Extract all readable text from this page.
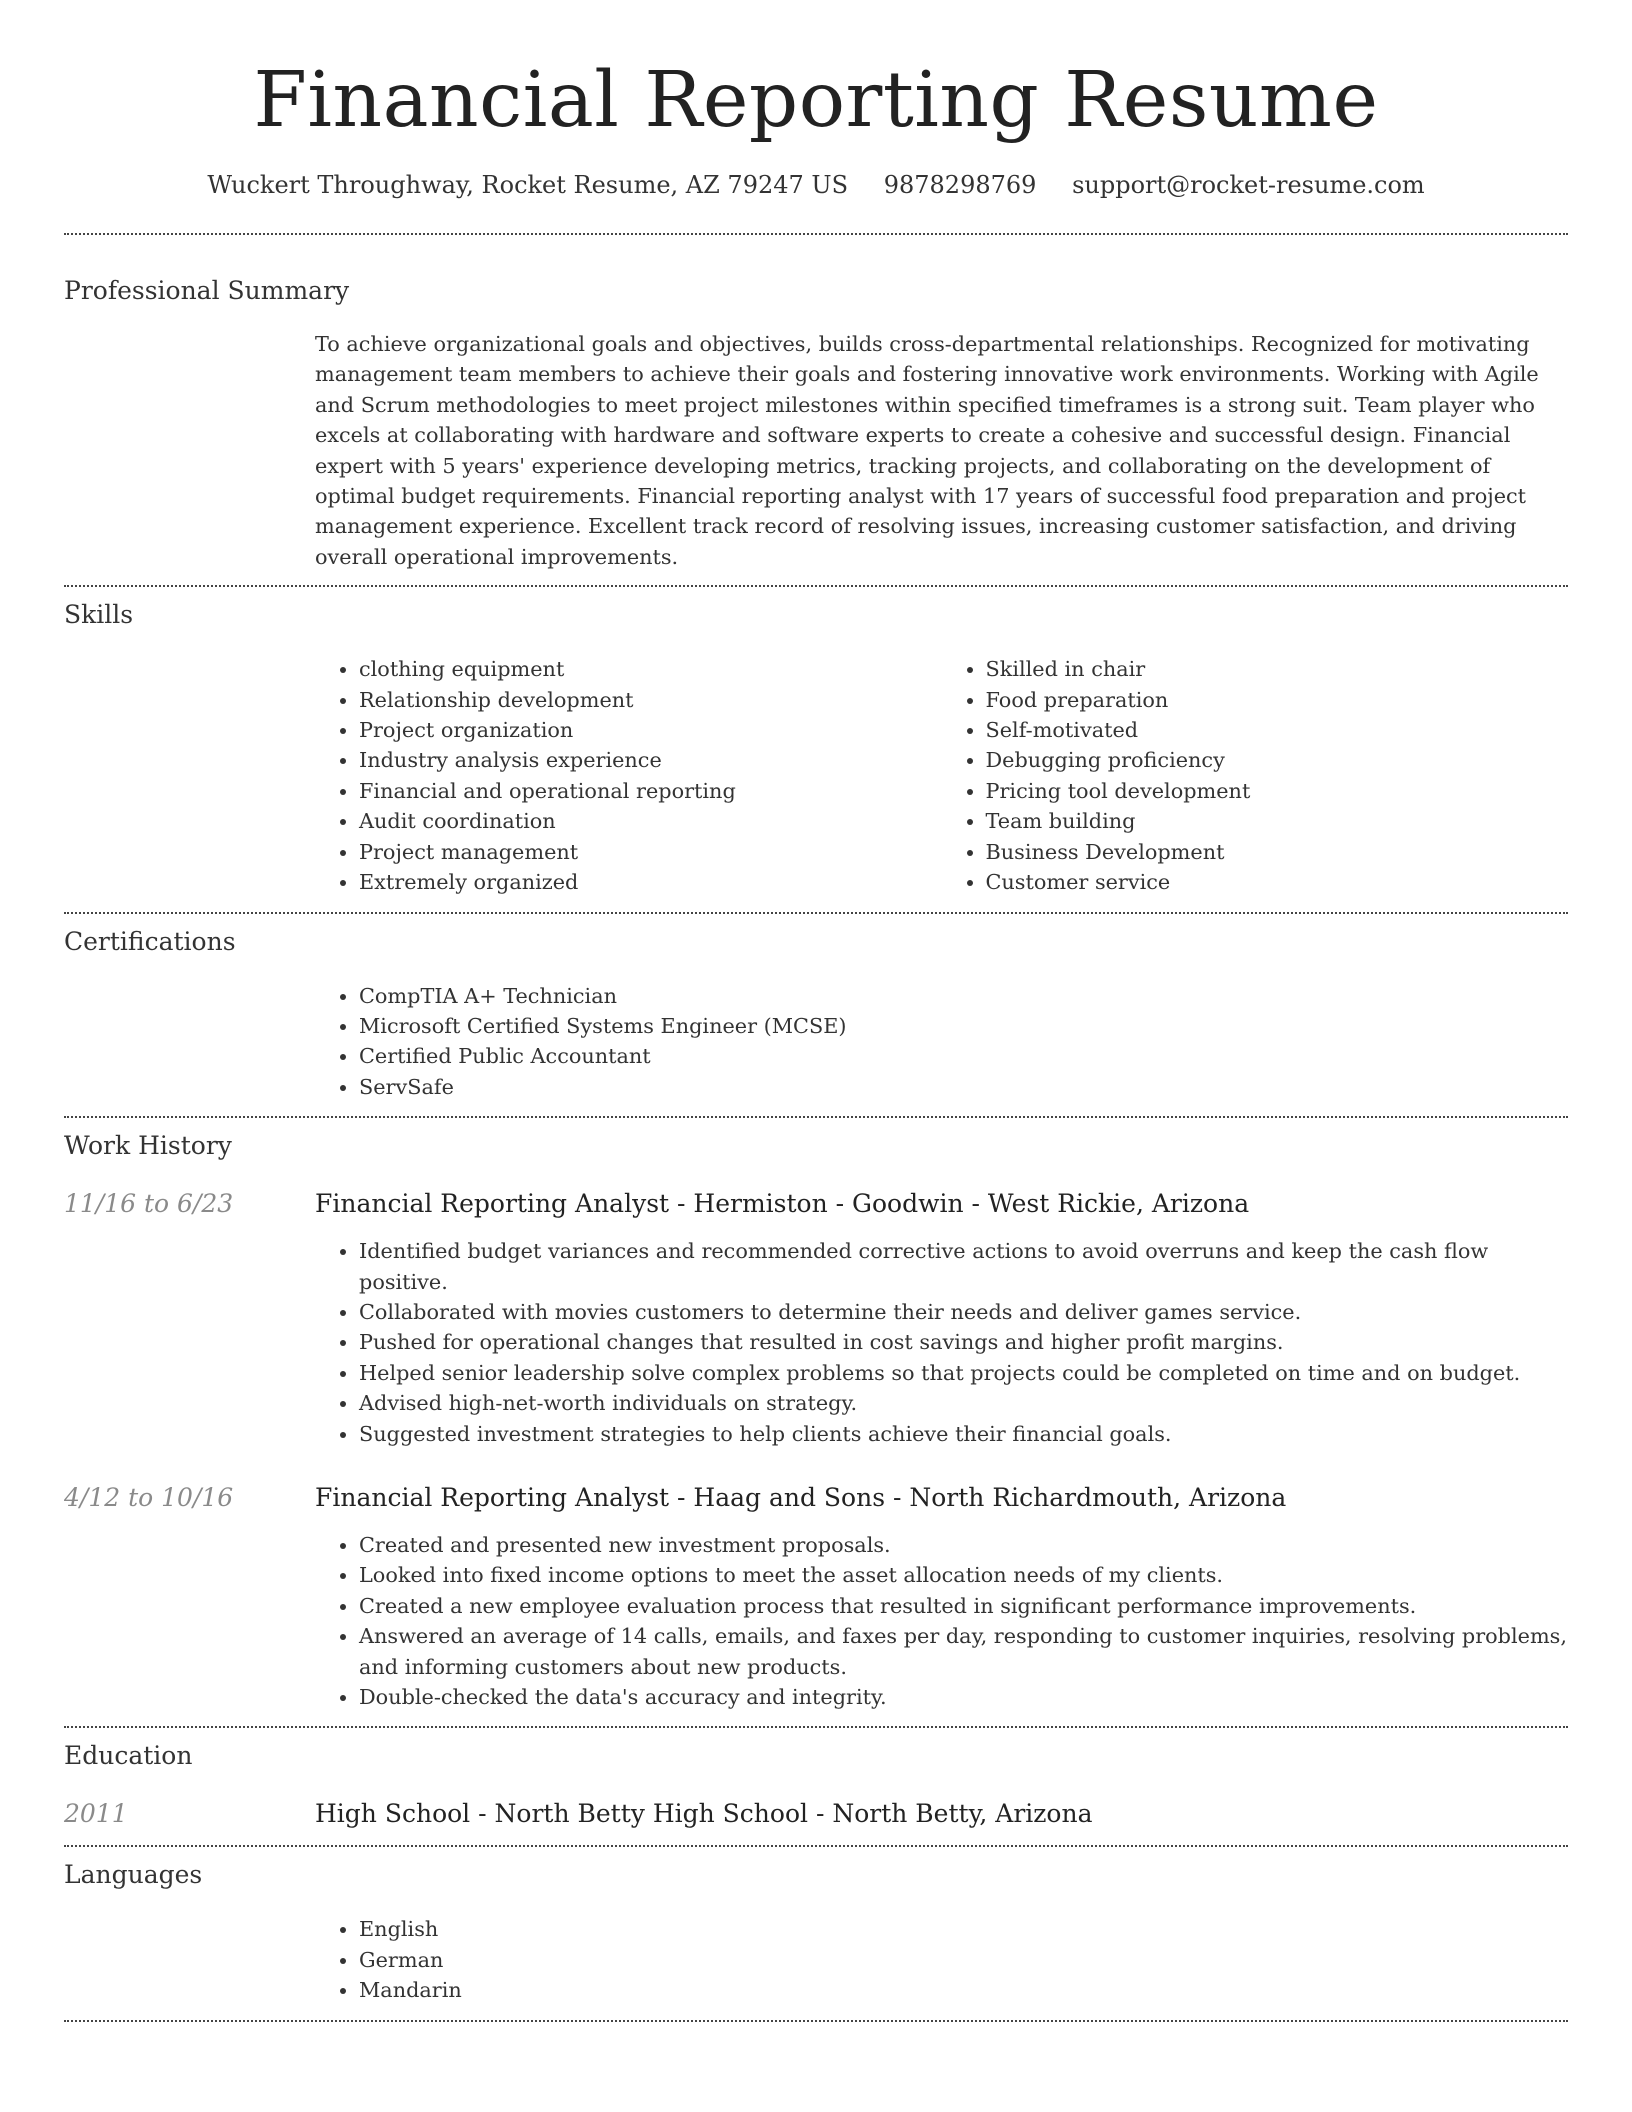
Financial Reporting Resume
Wuckert Throughway, Rocket Resume, AZ 79247 US 9878298769 support@rocket-resume.com
Professional Summary
To achieve organizational goals and objectives, builds cross-departmental relationships. Recognized for motivating management team members to achieve their goals and fostering innovative work environments. Working with Agile and Scrum methodologies to meet project milestones within specified timeframes is a strong suit. Team player who excels at collaborating with hardware and software experts to create a cohesive and successful design. Financial expert with 5 years' experience developing metrics, tracking projects, and collaborating on the development of optimal budget requirements. Financial reporting analyst with 17 years of successful food preparation and project management experience. Excellent track record of resolving issues, increasing customer satisfaction, and driving overall operational improvements.
Skills
• clothing equipment
• Relationship development
• Project organization
• Industry analysis experience
• Financial and operational reporting
• Audit coordination
• Project management
• Extremely organized
• Skilled in chair
• Food preparation
• Self-motivated
• Debugging proficiency
• Pricing tool development
• Team building
• Business Development
• Customer service
Certifications
• CompTIA A+ Technician
• Microsoft Certified Systems Engineer (MCSE)
• Certified Public Accountant
• ServSafe
Work History
11/16 to 6/23	Financial Reporting Analyst - Hermiston - Goodwin - West Rickie, Arizona
• Identified budget variances and recommended corrective actions to avoid overruns and keep the cash flow positive.
• Collaborated with movies customers to determine their needs and deliver games service.
• Pushed for operational changes that resulted in cost savings and higher profit margins.
• Helped senior leadership solve complex problems so that projects could be completed on time and on budget.
• Advised high-net-worth individuals on strategy.
• Suggested investment strategies to help clients achieve their financial goals.
4/12 to 10/16	Financial Reporting Analyst - Haag and Sons - North Richardmouth, Arizona
• Created and presented new investment proposals.
• Looked into fixed income options to meet the asset allocation needs of my clients.
• Created a new employee evaluation process that resulted in significant performance improvements.
• Answered an average of 14 calls, emails, and faxes per day, responding to customer inquiries, resolving problems, and informing customers about new products.
• Double-checked the data's accuracy and integrity.
Education
2011	High School - North Betty High School - North Betty, Arizona
Languages
• English
• German
• Mandarin
